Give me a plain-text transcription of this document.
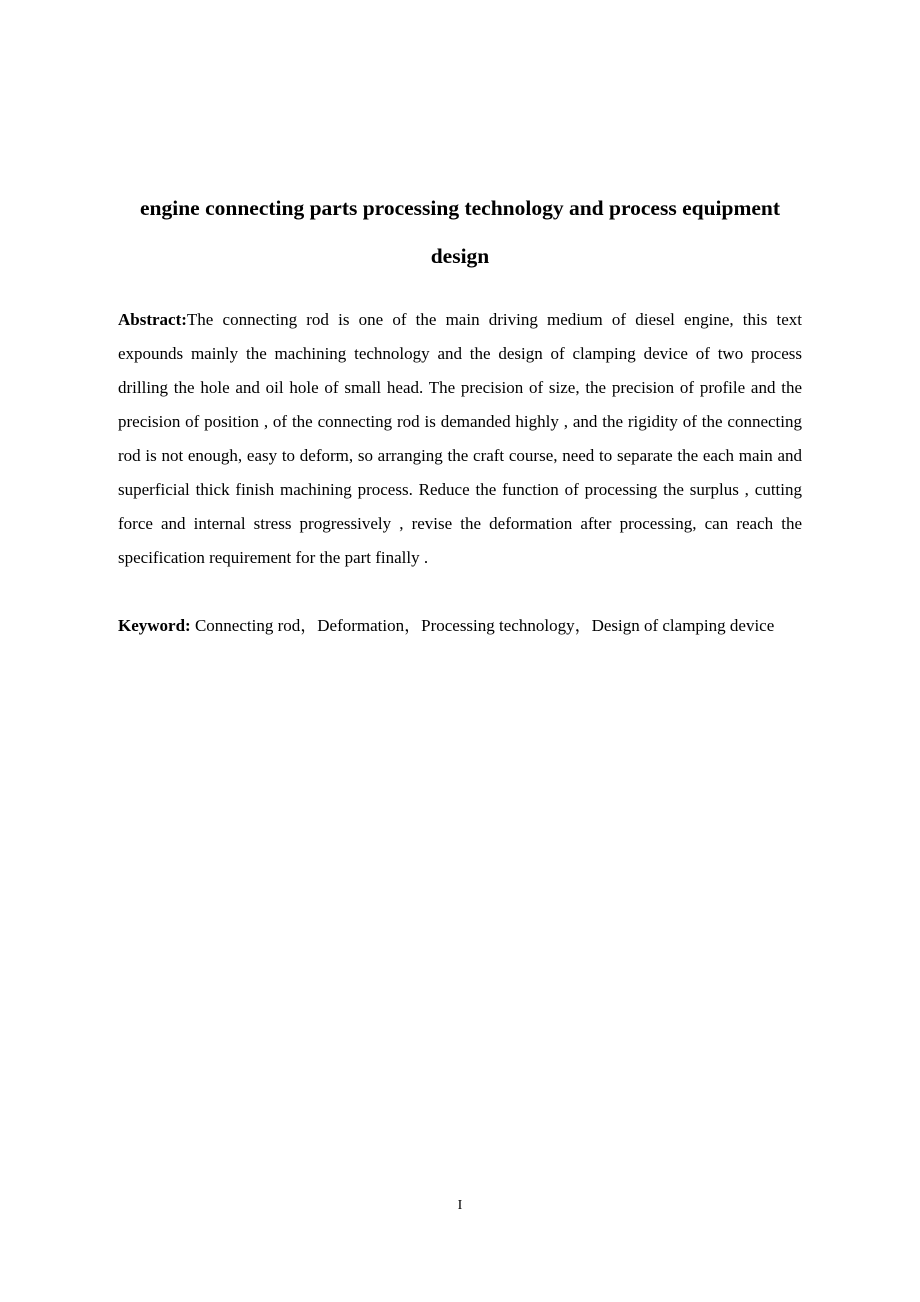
engine connecting parts processing technology and process equipment design

Abstract:The connecting rod is one of the main driving medium of diesel engine, this text expounds mainly the machining technology and the design of clamping device of two process drilling the hole and oil hole of small head. The precision of size, the precision of profile and the precision of position , of the connecting rod is demanded highly , and the rigidity of the connecting rod is not enough, easy to deform, so arranging the craft course, need to separate the each main and superficial thick finish machining process. Reduce the function of processing the surplus , cutting force and internal stress progressively , revise the deformation after processing, can reach the specification requirement for the part finally .

Keyword: Connecting rod，Deformation，Processing technology，Design of clamping device

I
